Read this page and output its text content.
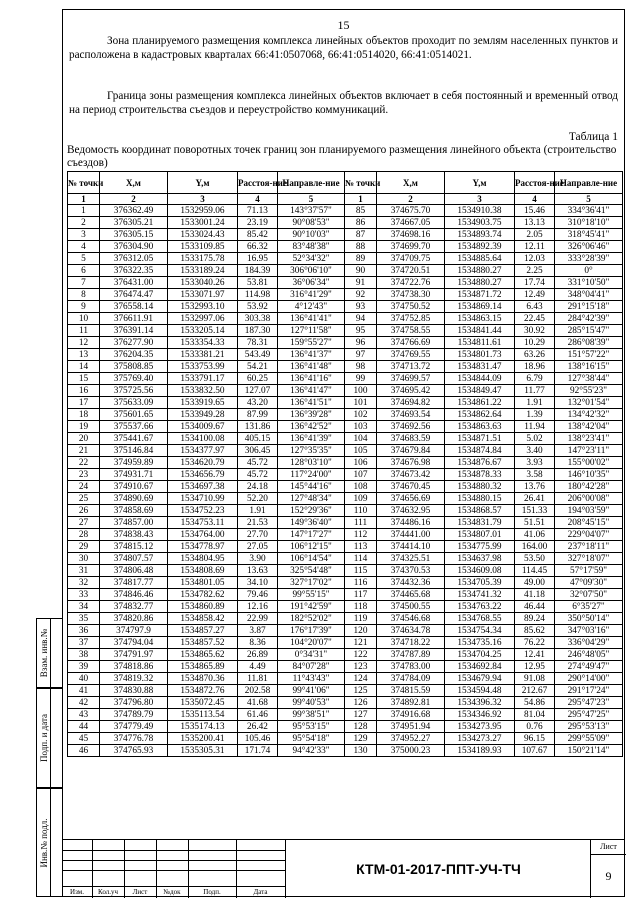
15
Зона планируемого размещения комплекса линейных объектов проходит по землям населенных пунктов и расположена в кадастровых кварталах 66:41:0507068, 66:41:0514020, 66:41:0514021.
Граница зоны размещения комплекса линейных объектов включает в себя постоянный и временный отвод на период строительства съездов и переустройство коммуникаций.
Таблица 1
Ведомость координат поворотных точек границ зон планируемого размещения линейного объекта (строительство съездов)
№ точки	X,м	Y,м	Расстоя-ние	Направле-ние	№ точки	X,м	Y,м	Расстоя-ние	Направле-ние
1	2	3	4	5	1	2	3	4	5
1	376362.49	1532959.06	71.13	143°37'57"	85	374675.70	1534910.38	15.46	334°36'41"
2	376305.21	1533001.24	23.19	90°08'53"	86	374667.05	1534903.75	13.13	310°18'10"
3	376305.15	1533024.43	85.42	90°10'03"	87	374698.16	1534893.74	2.05	318°45'41"
4	376304.90	1533109.85	66.32	83°48'38"	88	374699.70	1534892.39	12.11	326°06'46"
5	376312.05	1533175.78	16.95	52°34'32"	89	374709.75	1534885.64	12.03	333°28'39"
6	376322.35	1533189.24	184.39	306°06'10"	90	374720.51	1534880.27	2.25	0°
7	376431.00	1533040.26	53.81	36°06'34"	91	374722.76	1534880.27	17.74	331°10'50"
8	376474.47	1533071.97	114.98	316°41'29"	92	374738.30	1534871.72	12.49	348°04'41"
9	376558.14	1532993.10	53.92	4°12'43"	93	374750.52	1534869.14	6.43	291°15'18"
10	376611.91	1532997.06	303.38	136°41'41"	94	374752.85	1534863.15	22.45	284°42'39"
11	376391.14	1533205.14	187.30	127°11'58"	95	374758.55	1534841.44	30.92	285°15'47"
12	376277.90	1533354.33	78.31	159°55'27"	96	374766.69	1534811.61	10.29	286°08'39"
13	376204.35	1533381.21	543.49	136°41'37"	97	374769.55	1534801.73	63.26	151°57'22"
14	375808.85	1533753.99	54.21	136°41'48"	98	374713.72	1534831.47	18.96	138°16'15"
15	375769.40	1533791.17	60.25	136°41'16"	99	374699.57	1534844.09	6.79	127°38'44"
16	375725.56	1533832.50	127.07	136°41'47"	100	374695.42	1534849.47	11.77	92°55'23"
17	375633.09	1533919.65	43.20	136°41'51"	101	374694.82	1534861.22	1.91	132°01'54"
18	375601.65	1533949.28	87.99	136°39'28"	102	374693.54	1534862.64	1.39	134°42'32"
19	375537.66	1534009.67	131.86	136°42'52"	103	374692.56	1534863.63	11.94	138°42'04"
20	375441.67	1534100.08	405.15	136°41'39"	104	374683.59	1534871.51	5.02	138°23'41"
21	375146.84	1534377.97	306.45	127°35'35"	105	374679.84	1534874.84	3.40	147°23'11"
22	374959.89	1534620.79	45.72	128°03'10"	106	374676.98	1534876.67	3.93	155°00'02"
23	374931.71	1534656.79	45.72	117°24'00"	107	374673.42	1534878.33	3.58	146°10'35"
24	374910.67	1534697.38	24.18	145°44'16"	108	374670.45	1534880.32	13.76	180°42'28"
25	374890.69	1534710.99	52.20	127°48'34"	109	374656.69	1534880.15	26.41	206°00'08"
26	374858.69	1534752.23	1.91	152°29'36"	110	374632.95	1534868.57	151.33	194°03'59"
27	374857.00	1534753.11	21.53	149°36'40"	111	374486.16	1534831.79	51.51	208°45'15"
28	374838.43	1534764.00	27.70	147°17'27"	112	374441.00	1534807.01	41.06	229°04'07"
29	374815.12	1534778.97	27.05	106°12'15"	113	374414.10	1534775.99	164.00	237°18'11"
30	374807.57	1534804.95	3.90	106°14'54"	114	374325.51	1534637.98	53.50	327°18'07"
31	374806.48	1534808.69	13.63	325°54'48"	115	374370.53	1534609.08	114.45	57°17'59"
32	374817.77	1534801.05	34.10	327°17'02"	116	374432.36	1534705.39	49.00	47°09'30"
33	374846.46	1534782.62	79.46	99°55'15"	117	374465.68	1534741.32	41.18	32°07'50"
34	374832.77	1534860.89	12.16	191°42'59"	118	374500.55	1534763.22	46.44	6°35'27"
35	374820.86	1534858.42	22.99	182°52'02"	119	374546.68	1534768.55	89.24	350°50'14"
36	374797.9	1534857.27	3.87	176°17'39"	120	374634.78	1534754.34	85.62	347°03'16"
37	374794.04	1534857.52	8.36	104°20'07"	121	374718.22	1534735.16	76.22	336°04'29"
38	374791.97	1534865.62	26.89	0°34'31"	122	374787.89	1534704.25	12.41	246°48'05"
39	374818.86	1534865.89	4.49	84°07'28"	123	374783.00	1534692.84	12.95	274°49'47"
40	374819.32	1534870.36	11.81	11°43'43"	124	374784.09	1534679.94	91.08	290°14'00"
41	374830.88	1534872.76	202.58	99°41'06"	125	374815.59	1534594.48	212.67	291°17'24"
42	374796.80	1535072.45	41.68	99°40'53"	126	374892.81	1534396.32	54.86	295°47'23"
43	374789.79	1535113.54	61.46	99°38'51"	127	374916.68	1534346.92	81.04	295°47'25"
44	374779.49	1535174.13	26.42	95°53'15"	128	374951.94	1534273.95	0.76	295°53'13"
45	374776.78	1535200.41	105.46	95°54'18"	129	374952.27	1534273.27	96.15	299°55'09"
46	374765.93	1535305.31	171.74	94°42'33"	130	375000.23	1534189.93	107.67	150°21'14"
Взам. инв.№
Подп. и дата
Инв.№ подл.
Изм.	Кол.уч	Лист	№док	Подп.	Дата
КТМ-01-2017-ППТ-УЧ-ТЧ
Лист
9
